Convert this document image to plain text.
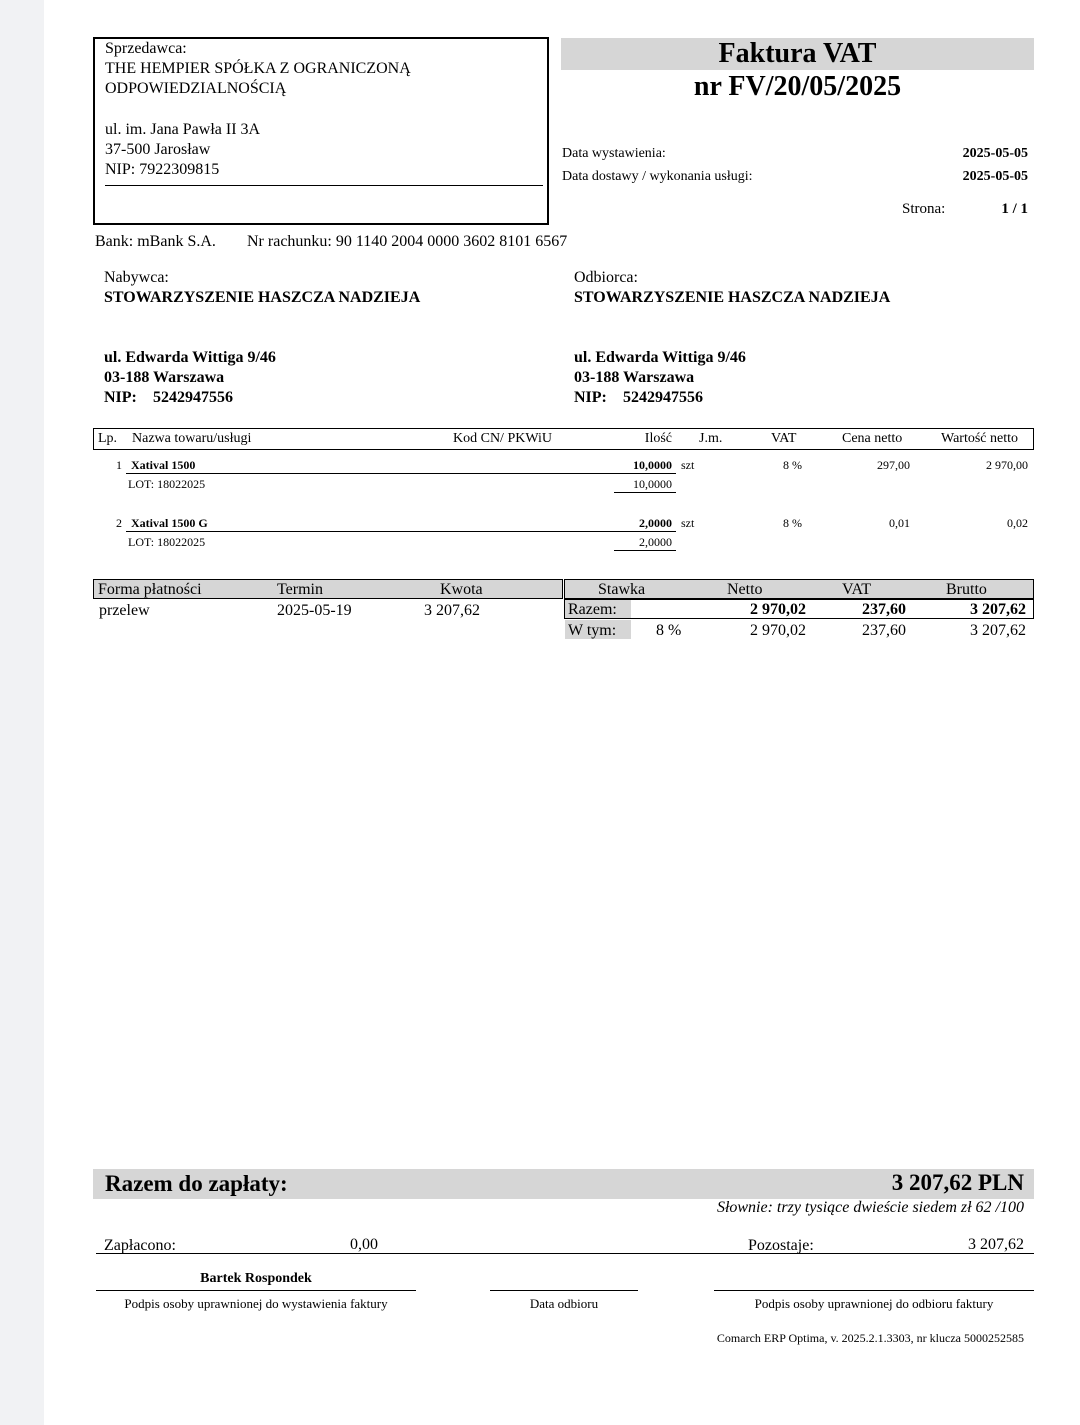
Sprzedawca:
THE HEMPIER SPÓŁKA Z OGRANICZONĄ
ODPOWIEDZIALNOŚCIĄ
ul. im. Jana Pawła II 3A
37-500 Jarosław
NIP: 7922309815
Faktura VAT
nr FV/20/05/2025
Data wystawienia:	2025-05-05
Data dostawy / wykonania usługi:	2025-05-05
Strona:	1 / 1
Bank: mBank S.A. Nr rachunku: 90 1140 2004 0000 3602 8101 6567
Nabywca:
STOWARZYSZENIE HASZCZA NADZIEJA
ul. Edwarda Wittiga 9/46
03-188 Warszawa
NIP: 5242947556
Odbiorca:
STOWARZYSZENIE HASZCZA NADZIEJA
ul. Edwarda Wittiga 9/46
03-188 Warszawa
NIP: 5242947556
Lp. Nazwa towaru/usługi	Kod CN/ PKWiU	Ilość J.m.	VAT	Cena netto	Wartość netto
1 Xatival 1500	10,0000 szt	8 %	297,00	2 970,00
LOT: 18022025	10,0000
2 Xatival 1500 G	2,0000 szt	8 %	0,01	0,02
LOT: 18022025	2,0000
Forma płatności	Termin	Kwota
przelew	2025-05-19	3 207,62
Stawka	Netto	VAT	Brutto
Razem:	2 970,02	237,60	3 207,62
W tym: 8 %	2 970,02	237,60	3 207,62
Razem do zapłaty:	3 207,62 PLN
Słownie: trzy tysiące dwieście siedem zł 62 /100
Zapłacono:	0,00	Pozostaje:	3 207,62
Bartek Rospondek
Podpis osoby uprawnionej do wystawienia faktury	Data odbioru	Podpis osoby uprawnionej do odbioru faktury
Comarch ERP Optima, v. 2025.2.1.3303, nr klucza 5000252585
